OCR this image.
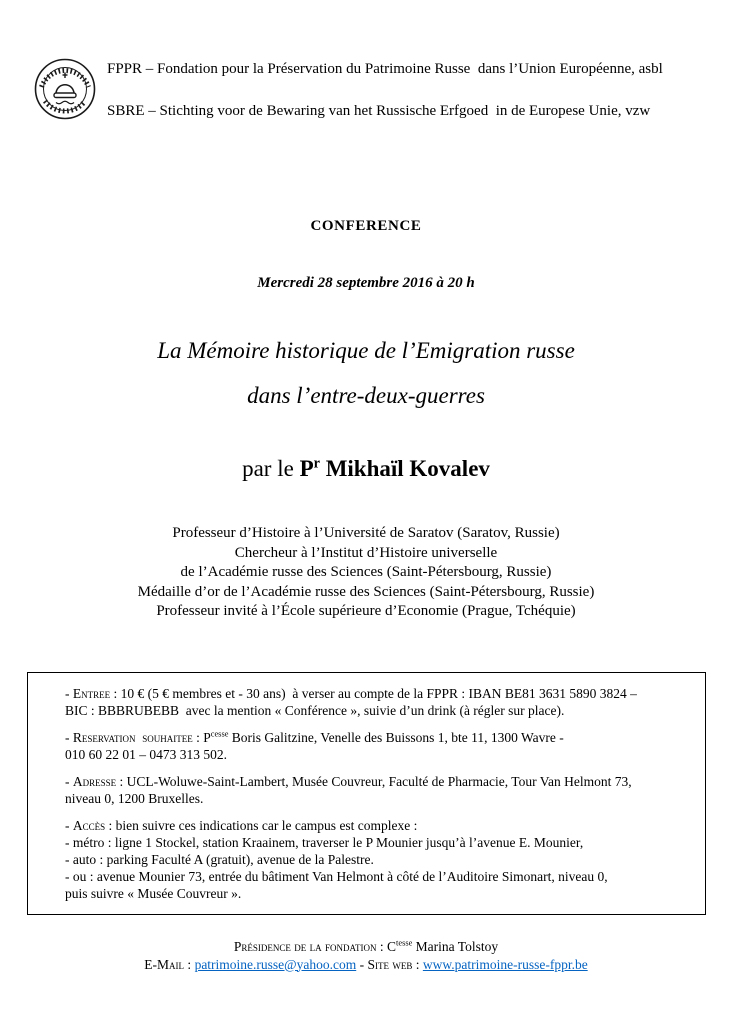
FPPR – Fondation pour la Préservation du Patrimoine Russe  dans l’Union Européenne, asbl

SBRE – Stichting voor de Bewaring van het Russische Erfgoed  in de Europese Unie, vzw

CONFERENCE
Mercredi 28 septembre 2016 à 20 h
La Mémoire historique de l’Emigration russe
dans l’entre-deux-guerres
par le $P^r$ Mikhaïl Kovalev

Professeur d’Histoire à l’Université de Saratov (Saratov, Russie)

Chercheur à l’Institut d’Histoire universelle

de l’Académie russe des Sciences (Saint-Pétersbourg, Russie)

Médaille d’or de l’Académie russe des Sciences (Saint-Pétersbourg, Russie)

Professeur invité à l’École supérieure d’Economie (Prague, Tchéquie)

- Entree : 10 € (5 € membres et - 30 ans)  à verser au compte de la FPPR : IBAN BE81 3631 5890 3824 –

BIC : BBBRUBEBB  avec la mention « Conférence », suivie d’un drink (à régler sur place).

- Reservation  souhaitee : $P^{cesse}$ Boris Galitzine, Venelle des Buissons 1, bte 11, 1300 Wavre -

010 60 22 01 – 0473 313 502.

- Adresse : UCL-Woluwe-Saint-Lambert, Musée Couvreur, Faculté de Pharmacie, Tour Van Helmont 73,

niveau 0, 1200 Bruxelles.

- Accès : bien suivre ces indications car le campus est complexe :

- métro : ligne 1 Stockel, station Kraainem, traverser le P Mounier jusqu’à l’avenue E. Mounier,

- auto : parking Faculté A (gratuit), avenue de la Palestre.

- ou : avenue Mounier 73, entrée du bâtiment Van Helmont à côté de l’Auditoire Simonart, niveau 0,

puis suivre « Musée Couvreur ».

Présidence de la fondation : $C^{tesse}$ Marina Tolstoy

E-Mail : patrimoine.russe@yahoo.com - Site web : www.patrimoine-russe-fppr.be
